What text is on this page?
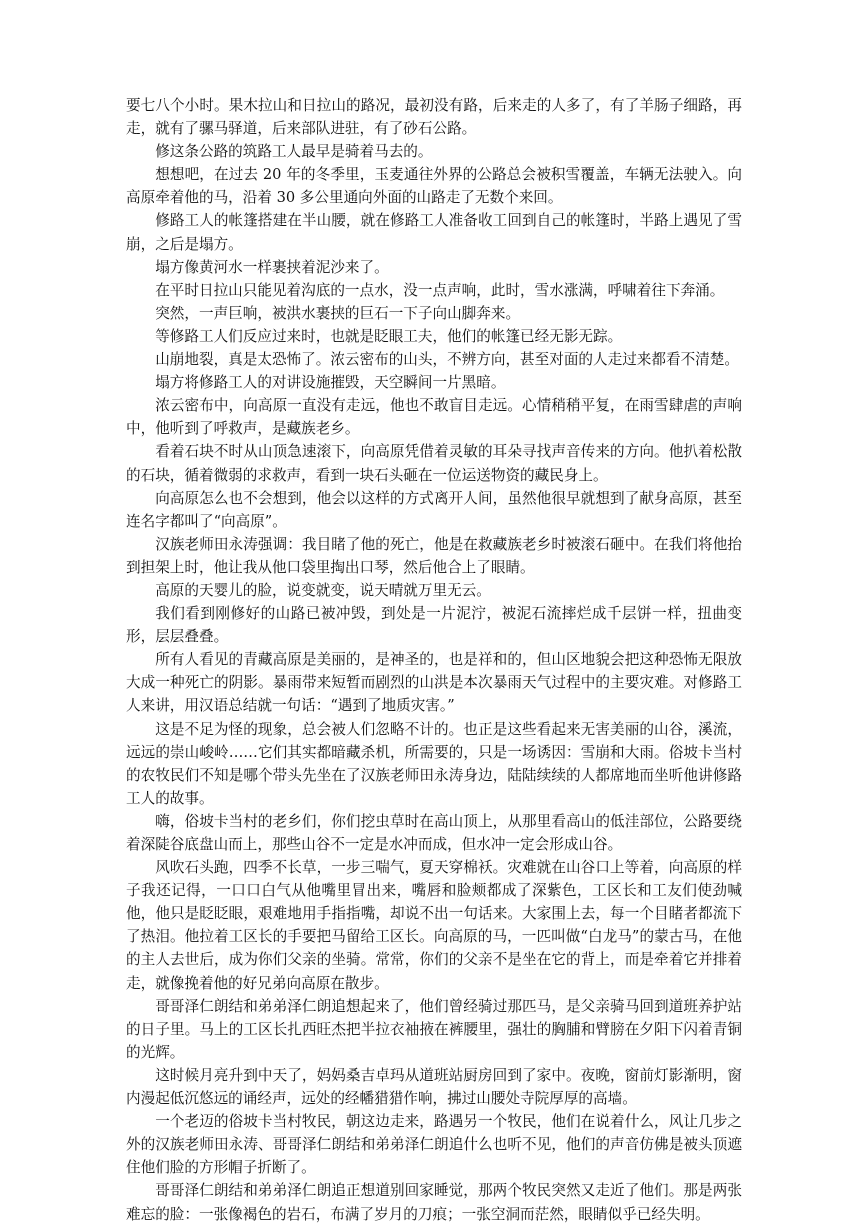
要七八个小时。果木拉山和日拉山的路况，最初没有路，后来走的人多了，有了羊肠子细路，再走，就有了骡马驿道，后来部队进驻，有了砂石公路。

修这条公路的筑路工人最早是骑着马去的。

想想吧，在过去 20 年的冬季里，玉麦通往外界的公路总会被积雪覆盖，车辆无法驶入。向高原牵着他的马，沿着 30 多公里通向外面的山路走了无数个来回。

修路工人的帐篷搭建在半山腰，就在修路工人准备收工回到自己的帐篷时，半路上遇见了雪崩，之后是塌方。

塌方像黄河水一样裹挟着泥沙来了。

在平时日拉山只能见着沟底的一点水，没一点声响，此时，雪水涨满，呼啸着往下奔涌。

突然，一声巨响，被洪水裹挟的巨石一下子向山脚奔来。

等修路工人们反应过来时，也就是眨眼工夫，他们的帐篷已经无影无踪。

山崩地裂，真是太恐怖了。浓云密布的山头，不辨方向，甚至对面的人走过来都看不清楚。

塌方将修路工人的对讲设施摧毁，天空瞬间一片黑暗。

浓云密布中，向高原一直没有走远，他也不敢盲目走远。心情稍稍平复，在雨雪肆虐的声响中，他听到了呼救声，是藏族老乡。

看着石块不时从山顶急速滚下，向高原凭借着灵敏的耳朵寻找声音传来的方向。他扒着松散的石块，循着微弱的求救声，看到一块石头砸在一位运送物资的藏民身上。

向高原怎么也不会想到，他会以这样的方式离开人间，虽然他很早就想到了献身高原，甚至连名字都叫了“向高原”。

汉族老师田永涛强调：我目睹了他的死亡，他是在救藏族老乡时被滚石砸中。在我们将他抬到担架上时，他让我从他口袋里掏出口琴，然后他合上了眼睛。

高原的天婴儿的脸，说变就变，说天晴就万里无云。

我们看到刚修好的山路已被冲毁，到处是一片泥泞，被泥石流摔烂成千层饼一样，扭曲变形，层层叠叠。

所有人看见的青藏高原是美丽的，是神圣的，也是祥和的，但山区地貌会把这种恐怖无限放大成一种死亡的阴影。暴雨带来短暂而剧烈的山洪是本次暴雨天气过程中的主要灾难。对修路工人来讲，用汉语总结就一句话：“遇到了地质灾害。”

这是不足为怪的现象，总会被人们忽略不计的。也正是这些看起来无害美丽的山谷，溪流，远远的崇山峻岭……它们其实都暗藏杀机，所需要的，只是一场诱因：雪崩和大雨。俗坡卡当村的农牧民们不知是哪个带头先坐在了汉族老师田永涛身边，陆陆续续的人都席地而坐听他讲修路工人的故事。

嗨，俗坡卡当村的老乡们，你们挖虫草时在高山顶上，从那里看高山的低洼部位，公路要绕着深陡谷底盘山而上，那些山谷不一定是水冲而成，但水冲一定会形成山谷。

风吹石头跑，四季不长草，一步三喘气，夏天穿棉袄。灾难就在山谷口上等着，向高原的样子我还记得，一口口白气从他嘴里冒出来，嘴唇和脸颊都成了深紫色，工区长和工友们使劲喊他，他只是眨眨眼，艰难地用手指指嘴，却说不出一句话来。大家围上去，每一个目睹者都流下了热泪。他拉着工区长的手要把马留给工区长。向高原的马，一匹叫做“白龙马”的蒙古马，在他的主人去世后，成为你们父亲的坐骑。常常，你们的父亲不是坐在它的背上，而是牵着它并排着走，就像挽着他的好兄弟向高原在散步。

哥哥泽仁朗结和弟弟泽仁朗追想起来了，他们曾经骑过那匹马，是父亲骑马回到道班养护站的日子里。马上的工区长扎西旺杰把半拉衣袖掖在裤腰里，强壮的胸脯和臂膀在夕阳下闪着青铜的光辉。

这时候月亮升到中天了，妈妈桑吉卓玛从道班站厨房回到了家中。夜晚，窗前灯影渐明，窗内漫起低沉悠远的诵经声，远处的经幡猎猎作响，拂过山腰处寺院厚厚的高墙。

一个老迈的俗坡卡当村牧民，朝这边走来，路遇另一个牧民，他们在说着什么，风让几步之外的汉族老师田永涛、哥哥泽仁朗结和弟弟泽仁朗追什么也听不见，他们的声音仿佛是被头顶遮住他们脸的方形帽子折断了。

哥哥泽仁朗结和弟弟泽仁朗追正想道别回家睡觉，那两个牧民突然又走近了他们。那是两张难忘的脸：一张像褐色的岩石，布满了岁月的刀痕；一张空洞而茫然，眼睛似乎已经失明。
